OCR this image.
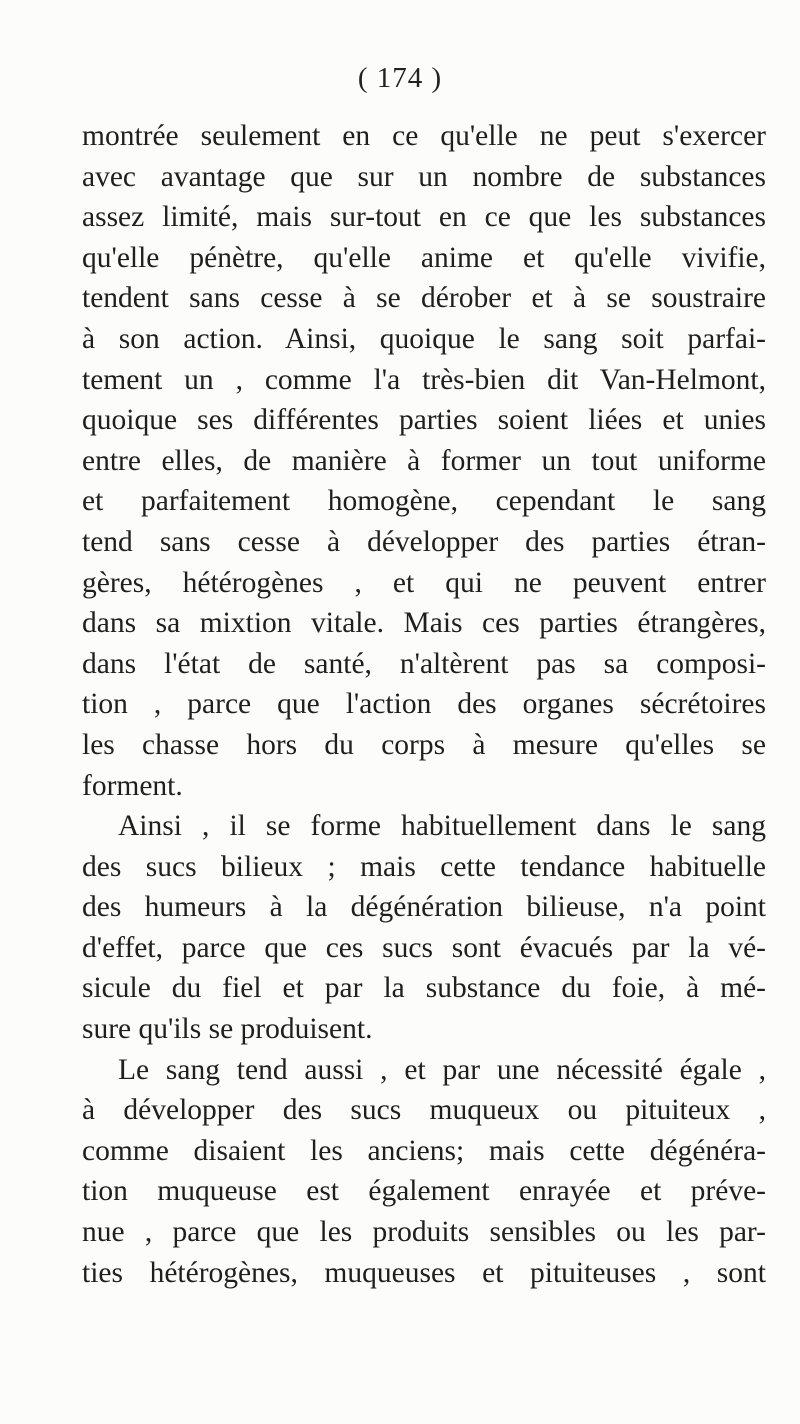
( 174 )
montrée seulement en ce qu'elle ne peut s'exercer
avec avantage que sur un nombre de substances
assez limité, mais sur-tout en ce que les substances
qu'elle pénètre, qu'elle anime et qu'elle vivifie,
tendent sans cesse à se dérober et à se soustraire
à son action. Ainsi, quoique le sang soit parfai-
tement un , comme l'a très-bien dit Van-Helmont,
quoique ses différentes parties soient liées et unies
entre elles, de manière à former un tout uniforme
et parfaitement homogène, cependant le sang
tend sans cesse à développer des parties étran-
gères, hétérogènes , et qui ne peuvent entrer
dans sa mixtion vitale. Mais ces parties étrangères,
dans l'état de santé, n'altèrent pas sa composi-
tion , parce que l'action des organes sécrétoires
les chasse hors du corps à mesure qu'elles se
forment.
Ainsi , il se forme habituellement dans le sang
des sucs bilieux ; mais cette tendance habituelle
des humeurs à la dégénération bilieuse, n'a point
d'effet, parce que ces sucs sont évacués par la vé-
sicule du fiel et par la substance du foie, à mé-
sure qu'ils se produisent.
Le sang tend aussi , et par une nécessité égale ,
à développer des sucs muqueux ou pituiteux ,
comme disaient les anciens; mais cette dégénéra-
tion muqueuse est également enrayée et préve-
nue , parce que les produits sensibles ou les par-
ties hétérogènes, muqueuses et pituiteuses , sont
